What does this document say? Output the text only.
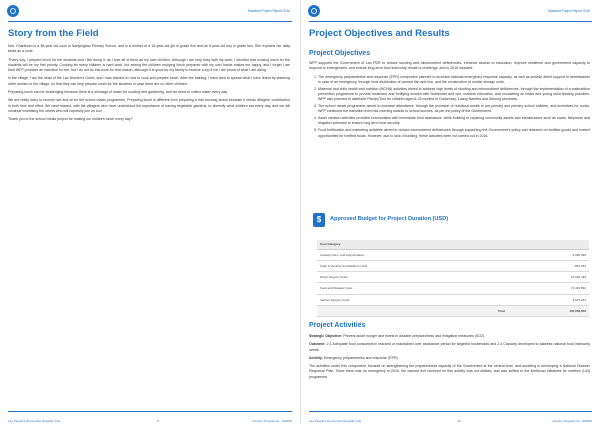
Standard Project Report 2016
Story from the Field

Mrs. Chanthom is a 36-year-old cook in Nanyingkao Primary School, and is a mother of a 10-year-old girl in grade five and an 8-year-old boy in grade two. She explains her daily tasks as a cook:

"Every day, I prepare lunch for the students and I like doing it, as I love all of them as my own children. Although I am very busy with my work, I decided that cooking lunch for the students will be my first priority. Cooking for many children is hard work, but seeing the children enjoying lunch prepared with my own hands makes me happy, and I forget I am tired WFP provides an incentive for me, but I do not do this work for that reason, although it is good for my family to receive a top it ice I am proud of what I am doing.

In the village, I am the head of the Lao Women's Union, and I was trained on how to cook and prepare lunch. After the training, I have tried to spread what I have learnt by teaching other women in the village, so that they can help prepare lunch for the students in case there are no other children.

Preparing lunch can be challenging because there is a shortage of water for cooking and gardening, and we need to collect water every day.

We are really lucky to receive rice and oil for the school meals programme. Preparing lunch is different from preparing a mid-morning snack because it needs villagers' contribution in both time and effort. We have started, with the villagers who have understood the importance of having vegetable gardens, to diversify what children eat every day, and we will continue mobilising the others who will hopefully join us too!

Thank you to the school meals project for making our children lunch every day!"

Lao People's Democratic Republic (LA)	9	Country Programme - 200833
Standard Project Report 2016
Project Objectives and Results
Project Objectives

WFP supports the Government of Lao PDR to reduce stunting and micronutrient deficiencies, enhance access to education, improve resilience and government capacity to respond to emergencies, and ensure long-term food insecurity remain a challenge, and in 2016 included:

1. The emergency preparedness and response (EPR) component planned to increase national emergency response capacity, as well as provide direct support to beneficiaries in case of an emergency, through food distribution of canned fish and rice, and the construction of mobile storage units.
2. Maternal and child health and nutrition (MCHN) activities aimed to address high levels of stunting and micronutrient deficiencies, through the implementation of a malnutrition prevention programme to provide treatment and fortifying women with Nutribuder and rice, nutrition education, and counseling on infant and young child feeding practices. WFP also planned to distribute Plumpy'Doz for children aged 6-23 months in Oudomxay, Luang Namtha and Sekong provinces.
3. The school meals programme aimed to increase attendance, through the provision of nutritious meals to pre-primary and primary school children, and incentives for cooks. WFP continued the transition from mid-morning snacks to school lunches, as per the policy of the Government.
4. Asset creation activities provided communities with immediate food assistance, while building or repairing community assets and infrastructure such as roads, fishponds and irrigation schemes to ensure long-term food security.
5. Food fortification and marketing activities aimed to reduce micronutrient deficiencies through supporting the Government's policy and research on fortified goods and market opportunities for fortified foods. However, due to lack of funding, these activities were not carried out in 2016.
$	Approved Budget for Project Duration (USD)
Cost Category	
Capacity Dev.t and Augmentation	6,095,990
Cash & Voucher and Related Costs	810,064
Direct Support Costs	15,662,449
Food and Related Costs	72,415,892
Indirect Support Costs	6,675,264
Total	100,659,659
Project Activities

Strategic Objective: Prevent acute hunger and invest in disaster preparedness and mitigation measures (SO2)

Outcome: 2.1 Adequate food consumption reached or maintained over assistance period for targeted households and 2.4 Capacity developed to address national food insecurity needs

Activity: Emergency preparedness and response (EPR)

The activities under this component, focused on strengthening the preparedness capacity of the Government at the central level, and assisting in developing a National Disaster Response Plan. Since there was no emergency in 2016, the canned fish received for this activity was not utilised, and was shifted to the livelihood initiatives for nutrition (LIN) programme.

Lao People's Democratic Republic (LA)	10	Country Programme - 200833
